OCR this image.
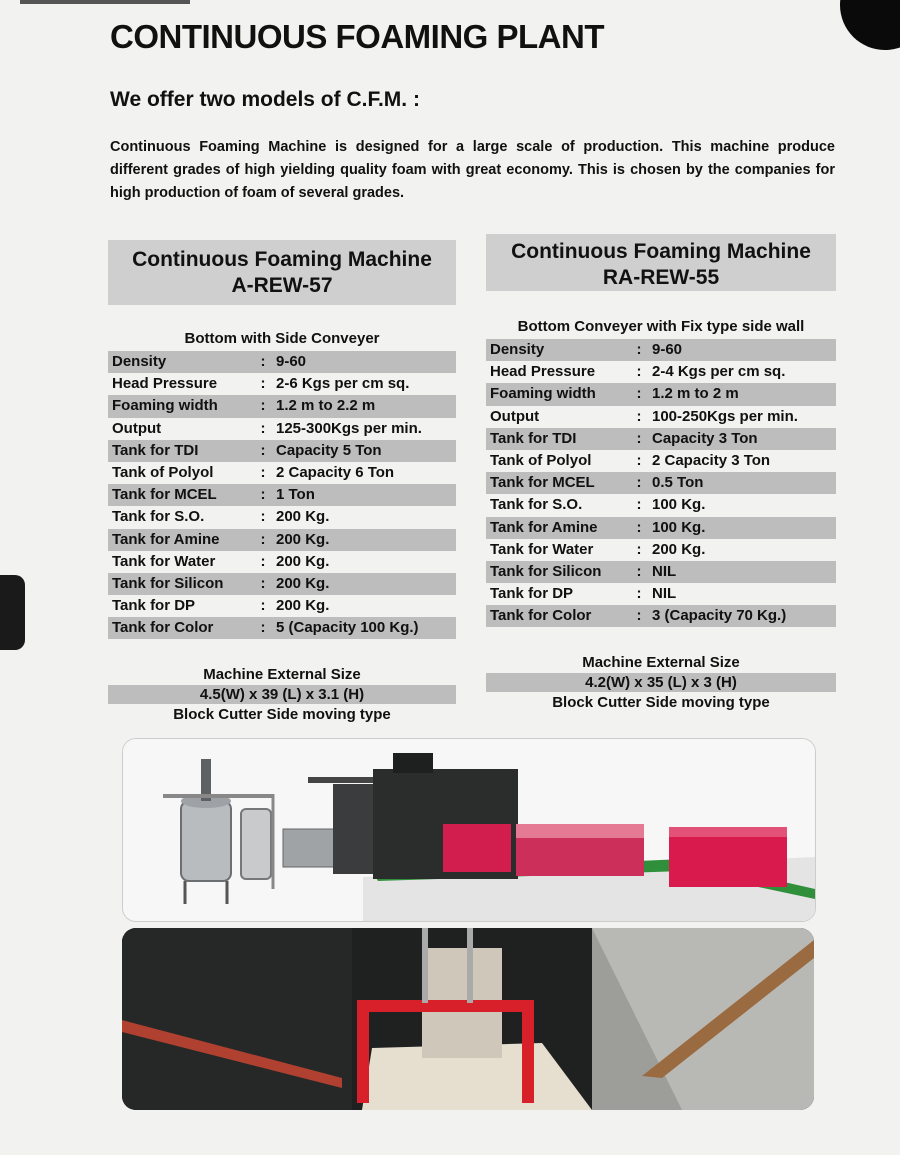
CONTINUOUS FOAMING PLANT
We offer two models of C.F.M. :

Continuous Foaming Machine is designed for a large scale of production. This machine produce different grades of high yielding quality foam with great economy. This is chosen by the companies for high production of foam of several grades.

Continuous Foaming Machine
A-REW-57
Bottom with Side Conveyer
Density	: 9-60
Head Pressure	: 2-6 Kgs per cm sq.
Foaming width	: 1.2 m to 2.2 m
Output	: 125-300Kgs per min.
Tank for TDI	: Capacity 5 Ton
Tank of Polyol	: 2 Capacity 6 Ton
Tank for MCEL	: 1 Ton
Tank for S.O.	: 200 Kg.
Tank for Amine	: 200 Kg.
Tank for Water	: 200 Kg.
Tank for Silicon	: 200 Kg.
Tank for DP	: 200 Kg.
Tank for Color	: 5 (Capacity 100 Kg.)
Machine External Size
4.5(W) x 39 (L) x 3.1 (H)
Block Cutter Side moving type
Continuous Foaming Machine
RA-REW-55
Bottom Conveyer with Fix type side wall
Density	: 9-60
Head Pressure	: 2-4 Kgs per cm sq.
Foaming width	: 1.2 m to 2 m
Output	: 100-250Kgs per min.
Tank for TDI	: Capacity 3 Ton
Tank of Polyol	: 2 Capacity 3 Ton
Tank for MCEL	: 0.5 Ton
Tank for S.O.	: 100 Kg.
Tank for Amine	: 100 Kg.
Tank for Water	: 200 Kg.
Tank for Silicon	: NIL
Tank for DP	: NIL
Tank for Color	: 3 (Capacity 70 Kg.)
Machine External Size
4.2(W) x 35 (L) x 3 (H)
Block Cutter Side moving type
